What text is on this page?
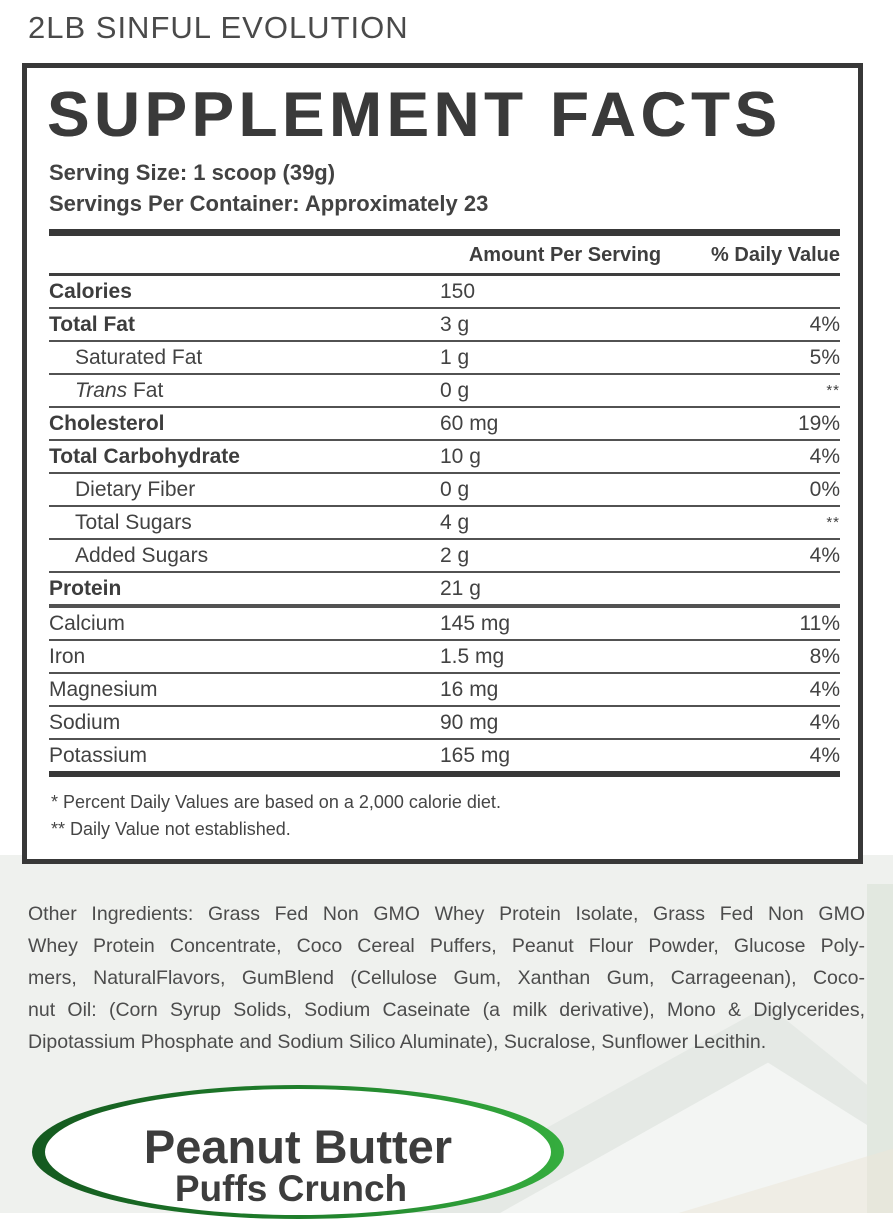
2LB SINFUL EVOLUTION
SUPPLEMENT FACTS
Serving Size: 1 scoop (39g)
Servings Per Container: Approximately 23
	Amount Per Serving	% Daily Value
Calories	150	
Total Fat	3 g	4%
Saturated Fat	1 g	5%
Trans Fat	0 g	**
Cholesterol	60 mg	19%
Total Carbohydrate	10 g	4%
Dietary Fiber	0 g	0%
Total Sugars	4 g	**
Added Sugars	2 g	4%
Protein	21 g	
Calcium	145 mg	11%
Iron	1.5 mg	8%
Magnesium	16 mg	4%
Sodium	90 mg	4%
Potassium	165 mg	4%

* Percent Daily Values are based on a 2,000 calorie diet.

** Daily Value not established.

Other Ingredients: Grass Fed Non GMO Whey Protein Isolate, Grass Fed Non GMO
Whey Protein Concentrate, Coco Cereal Puffers, Peanut Flour Powder, Glucose Poly-
mers, NaturalFlavors, GumBlend (Cellulose Gum, Xanthan Gum, Carrageenan), Coco-
nut Oil: (Corn Syrup Solids, Sodium Caseinate (a milk derivative), Mono & Diglycerides,
Dipotassium Phosphate and Sodium Silico Aluminate), Sucralose, Sunflower Lecithin.
Peanut Butter
Puffs Crunch
